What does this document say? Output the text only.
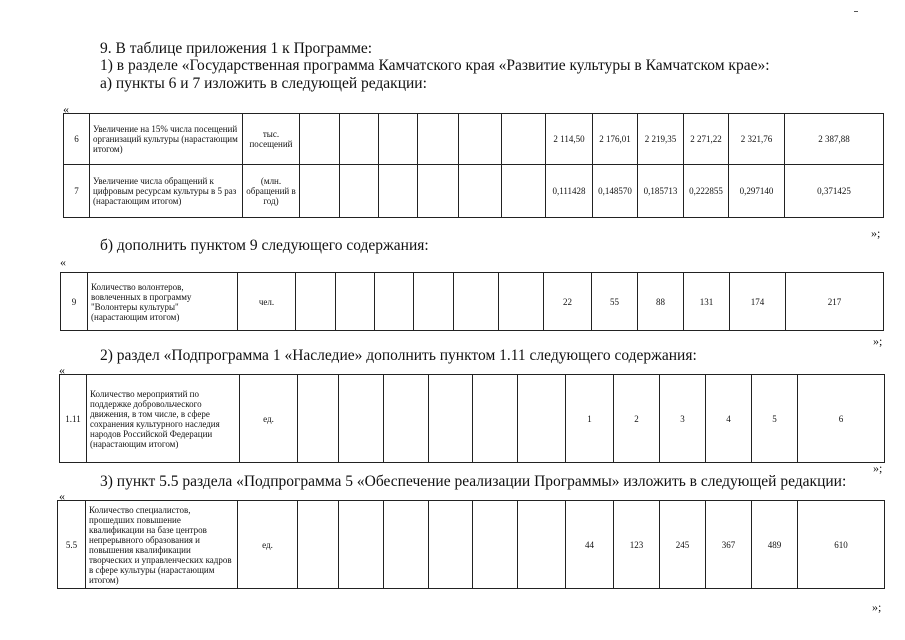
9. В таблице приложения 1 к Программе:
1) в разделе «Государственная программа Камчатского края «Развитие культуры в Камчатском крае»:
а) пункты 6 и 7 изложить в следующей редакции:
«
6	Увеличение на 15% числа посещений организаций культуры (нарастающим итогом)	тыс. посещений							2 114,50	2 176,01	2 219,35	2 271,22	2 321,76	2 387,88
7	Увеличение числа обращений к цифровым ресурсам культуры в 5 раз (нарастающим итогом)	(млн. обращений в год)							0,111428	0,148570	0,185713	0,222855	0,297140	0,371425
»;
б) дополнить пунктом 9 следующего содержания:
«
9	Количество волонтеров, вовлеченных в программу "Волонтеры культуры" (нарастающим итогом)	чел.							22	55	88	131	174	217
»;
2) раздел «Подпрограмма 1 «Наследие» дополнить пунктом 1.11 следующего содержания:
«
1.11	Количество мероприятий по поддержке добровольческого движения, в том числе, в сфере сохранения культурного наследия народов Российской Федерации (нарастающим итогом)	ед.							1	2	3	4	5	6
»;
3) пункт 5.5 раздела «Подпрограмма 5 «Обеспечение реализации Программы» изложить в следующей редакции:
«
5.5	Количество специалистов, прошедших повышение квалификации на базе центров непрерывного образования и повышения квалификации творческих и управленческих кадров в сфере культуры (нарастающим итогом)	ед.							44	123	245	367	489	610
»;
